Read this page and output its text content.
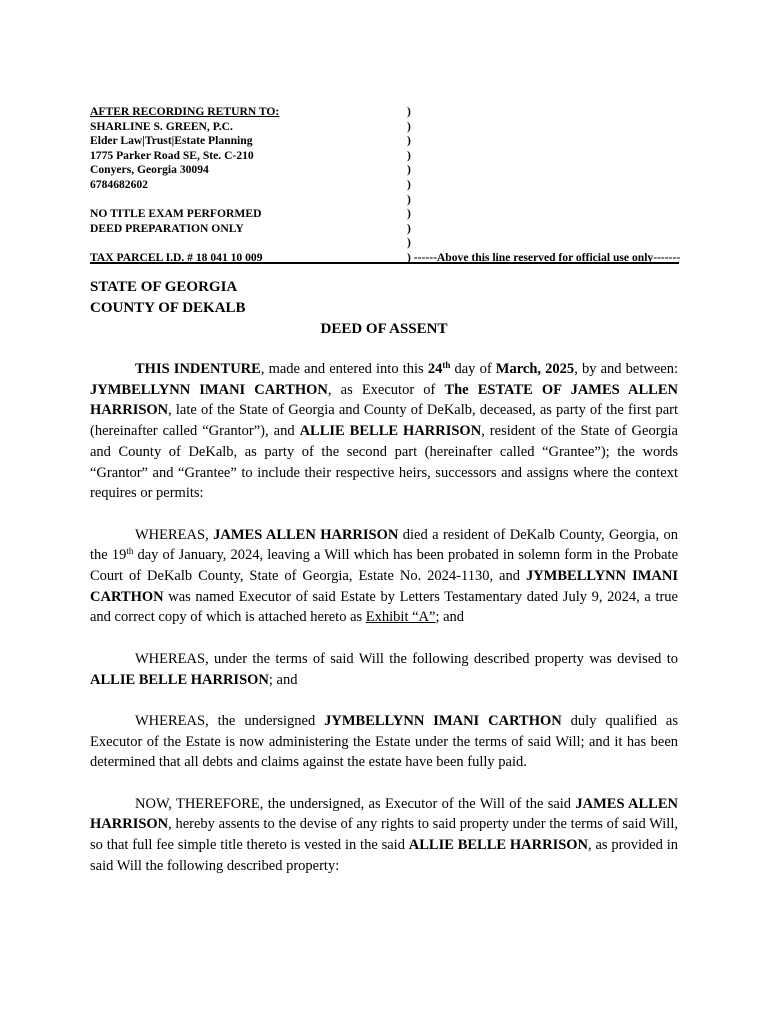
AFTER RECORDING RETURN TO:
SHARLINE S. GREEN, P.C.
Elder Law|Trust|Estate Planning
1775 Parker Road SE, Ste. C-210
Conyers, Georgia 30094
6784682602
NO TITLE EXAM PERFORMED
DEED PREPARATION ONLY
TAX PARCEL I.D. # 18 041 10 009
)
)
)
)
)
)
)
)
)
)
) ------Above this line reserved for official use only-------
STATE OF GEORGIA
COUNTY OF DEKALB
DEED OF ASSENT

THIS INDENTURE, made and entered into this 24th day of March, 2025, by and between: JYMBELLYNN IMANI CARTHON, as Executor of The ESTATE OF JAMES ALLEN HARRISON, late of the State of Georgia and County of DeKalb, deceased, as party of the first part (hereinafter called “Grantor”), and ALLIE BELLE HARRISON, resident of the State of Georgia and County of DeKalb, as party of the second part (hereinafter called “Grantee”); the words “Grantor” and “Grantee” to include their respective heirs, successors and assigns where the context requires or permits:

WHEREAS, JAMES ALLEN HARRISON died a resident of DeKalb County, Georgia, on the 19th day of January, 2024, leaving a Will which has been probated in solemn form in the Probate Court of DeKalb County, State of Georgia, Estate No. 2024-1130, and JYMBELLYNN IMANI CARTHON was named Executor of said Estate by Letters Testamentary dated July 9, 2024, a true and correct copy of which is attached hereto as Exhibit “A”; and

WHEREAS, under the terms of said Will the following described property was devised to ALLIE BELLE HARRISON; and

WHEREAS, the undersigned JYMBELLYNN IMANI CARTHON duly qualified as Executor of the Estate is now administering the Estate under the terms of said Will; and it has been determined that all debts and claims against the estate have been fully paid.

NOW, THEREFORE, the undersigned, as Executor of the Will of the said JAMES ALLEN HARRISON, hereby assents to the devise of any rights to said property under the terms of said Will, so that full fee simple title thereto is vested in the said ALLIE BELLE HARRISON, as provided in said Will the following described property:
